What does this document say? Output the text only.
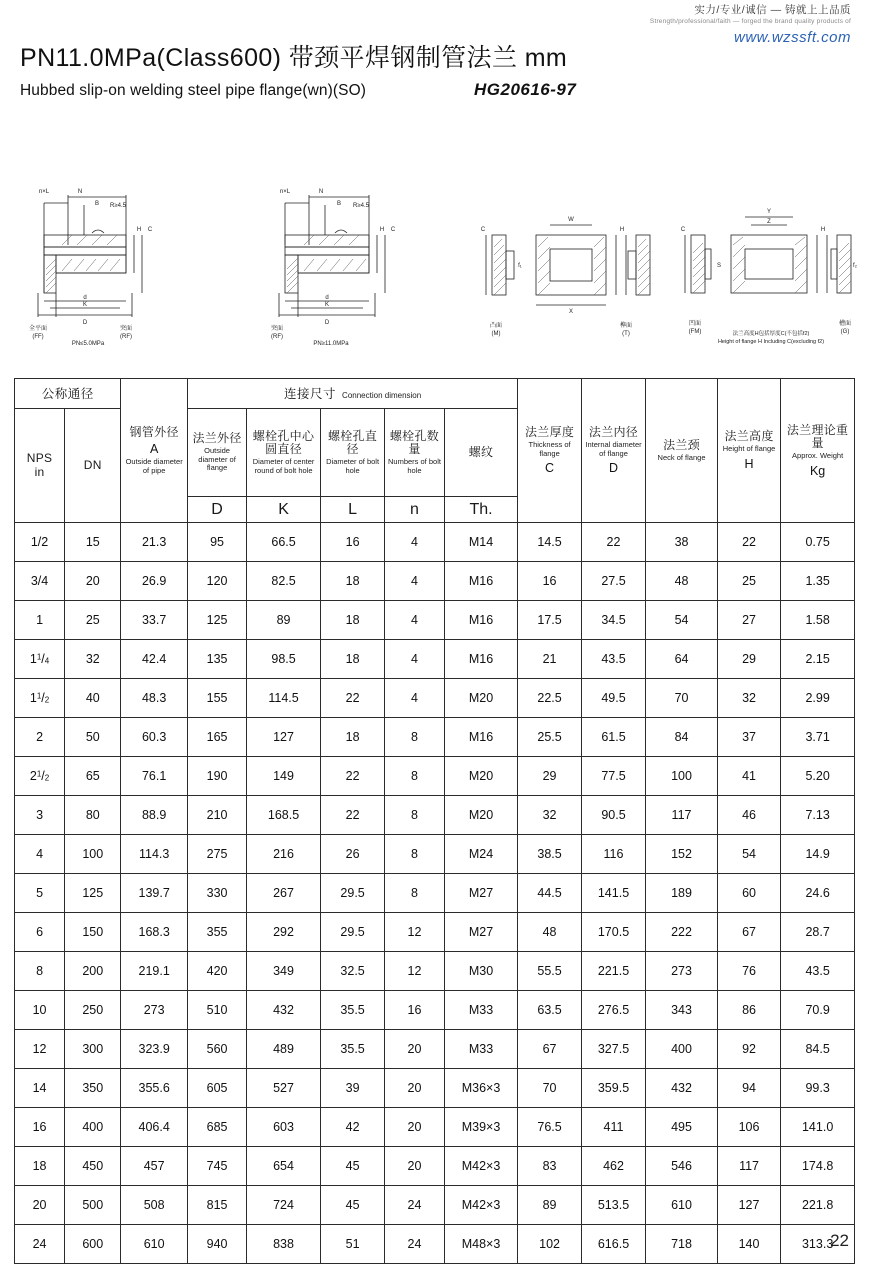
实力/专业/诚信 — 铸就上上品质
Strength/professional/faith — forged the brand quality products of
www.wzssft.com
PN11.0MPa(Class600) 带颈平焊钢制管法兰 mm
Hubbed slip-on welding steel pipe flange(wn)(SO)	HG20616-97
n×L	N
B R≥4.5
H C
d
K
D
全平面
(FF)
突面
(RF)
PN≤5.0MPa
n×L	N
B R≥4.5
H C
d
K
D
突面
(RF)
PN≥11.0MPa
C	H
W
X
f₁
凸面
(M)
榫面
(T)
C	H
Y
Z
S	f₂
凹面
(FM)
槽面
(G)
法兰高度H包括厚度C(不包括f2)
Height of flange H Including C(excluding f2)
公称通径	
钢管外径
A
Outside diameter of pipe
	连接尺寸 Connection dimension	
法兰厚度
Thickness of flange
C

法兰内径
Internal diameter of flange
D

法兰颈
Neck of flange

法兰高度
Height of flange
H

法兰理论重量
Approx. Weight
Kg

NPS
in	DN

法兰外径
Outside diameter of flange

螺栓孔中心圆直径
Diameter of center round of bolt hole

螺栓孔直径
Diameter of bolt hole

螺栓孔数量
Numbers of bolt hole

螺纹

			D	K	L	n	Th.					
1/2	15	21.3	95	66.5	16	4	M14	14.5	22	38	22	0.75
3/4	20	26.9	120	82.5	18	4	M16	16	27.5	48	25	1.35
1	25	33.7	125	89	18	4	M16	17.5	34.5	54	27	1.58
$1^1/4$	32	42.4	135	98.5	18	4	M16	21	43.5	64	29	2.15
$1^1/2$	40	48.3	155	114.5	22	4	M20	22.5	49.5	70	32	2.99
2	50	60.3	165	127	18	8	M16	25.5	61.5	84	37	3.71
$2^1/2$	65	76.1	190	149	22	8	M20	29	77.5	100	41	5.20
3	80	88.9	210	168.5	22	8	M20	32	90.5	117	46	7.13
4	100	114.3	275	216	26	8	M24	38.5	116	152	54	14.9
5	125	139.7	330	267	29.5	8	M27	44.5	141.5	189	60	24.6
6	150	168.3	355	292	29.5	12	M27	48	170.5	222	67	28.7
8	200	219.1	420	349	32.5	12	M30	55.5	221.5	273	76	43.5
10	250	273	510	432	35.5	16	M33	63.5	276.5	343	86	70.9
12	300	323.9	560	489	35.5	20	M33	67	327.5	400	92	84.5
14	350	355.6	605	527	39	20	M36×3	70	359.5	432	94	99.3
16	400	406.4	685	603	42	20	M39×3	76.5	411	495	106	141.0
18	450	457	745	654	45	20	M42×3	83	462	546	117	174.8
20	500	508	815	724	45	24	M42×3	89	513.5	610	127	221.8
24	600	610	940	838	51	24	M48×3	102	616.5	718	140	313.3
22
